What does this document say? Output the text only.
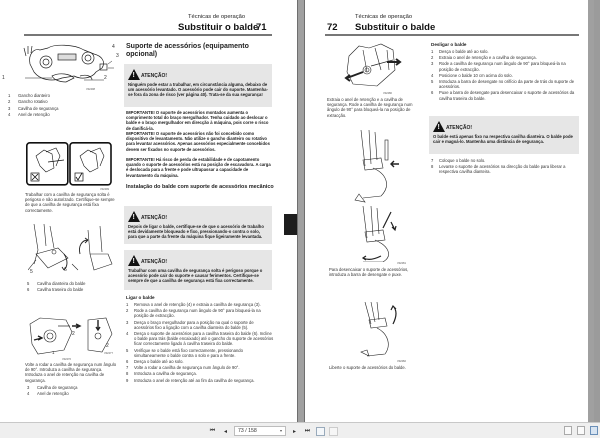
Técnicas de operação
Substituir o balde
71
1	2
3
4
V02498
1	Gancho dianteiro
2	Gancho rotativo
3	Cavilha de segurança
4	Anel de retenção
V02499
Trabalhar com a cavilha de segurança solta é perigoso e não autorizado. Certifique-se sempre de que a cavilha de segurança está fixa correctamente.
5	6
5	Cavilha dianteira do balde
6	Cavilha traseira do balde
2
1
2
V02276
V02277
Volte a rodar a cavilha de segurança num ângulo de 90°. Introduza a cavilha de segurança. Introduza o anel de retenção na cavilha de segurança.
3	Cavilha de segurança
4	Anel de retenção
Suporte de acessórios (equipamento opcional)
!
ATENÇÃO!
Ninguém pode estar a trabalhar, em circunstância alguma, debaixo de um acessório levantado. O acessório pode cair do suporte. Mantenha-se fora da zona de risco (ver página 40). Trata-se da sua segurança!
IMPORTANTE! O suporte de acessórios montados aumenta o comprimento total do braço mergulhador. Tenha cuidado ao deslocar o balde e o braço mergulhador em direcção à máquina, pois corre o risco de danificá-la.
IMPORTANTE! O suporte de acessórios não foi concebido como dispositivo de levantamento. Não utilize o gancho dianteiro ou rotativo para levantar acessórios. Apenas acessórios especialmente concebidos devem ser fixados no suporte de acessórios.
IMPORTANTE! Há risco de perda de estabilidade e de capotamento quando o suporte de acessórios está na posição de escavadora. A carga é deslocada para a frente e pode ultrapassar a capacidade de levantamento da máquina.
Instalação do balde com suporte de acessórios mecânico
!
ATENÇÃO!
Depois de ligar o balde, certifique-se de que o acessório de trabalho está devidamente bloqueado e fixo, pressionando-o contra o solo, para que a parte da frente da máquina fique ligeiramente levantada.
!
ATENÇÃO!
Trabalhar com uma cavilha de segurança solta é perigoso porque o acessório pode cair do suporte e causar ferimentos. Certifique-se sempre de que a cavilha de segurança está fixa correctamente.
Ligar o balde
1	Remova o anel de retenção (4) e extraia a cavilha de segurança (3).
2	Rode a cavilha de segurança num ângulo de 90° para bloqueá-la na posição de extracção.
3	Desça o braço mergulhador para a posição na qual o suporte de acessórios fixo a ligação com a cavilha dianteira do balde (5).
4	Desça o suporte de acessórios para a cavilha traseira do balde (6). Incline o balde para trás (balde encaixado) até o gancho do suporte de acessórios ficar correctamente ligado à cavilha traseira do balde.
5	Verifique se o balde está fixo correctamente, pressionando simultaneamente o balde contra o solo e para a frente.
6	Desça o balde até ao solo.
7	Volte a rodar a cavilha de segurança num ângulo de 90°.
8	Introduza a cavilha de segurança.
9	Introduza o anel de retenção até ao fim da cavilha de segurança.
Técnicas de operação
72 Substituir o balde
V02280
Extraia o anel de retenção e a cavilha de segurança. Rode a cavilha de segurança num ângulo de 90° para bloqueá-la na posição de extracção.
V02281
Para desencaixar o suporte de acessórios, introduza a barra de desengate e puxe.
V02282
Liberte o suporte de acessórios do balde.
Desligar o balde
1	Desça o balde até ao solo.
2	Extraia o anel de retenção e a cavilha de segurança.
3	Rode a cavilha de segurança num ângulo de 90° para bloqueá-la na posição de extracção.
4	Posicione o balde 10 cm acima do solo.
5	Introduza a barra de desengate no orifício da parte de trás do suporte de acessórios.
6	Puxe a barra de desengate para desencaixar o suporte de acessórios da cavilha traseira do balde.
!
ATENÇÃO!
O balde está apenas fixo na respectiva cavilha dianteira. O balde pode cair e magoá-lo. Mantenha uma distância de segurança.
7	Coloque o balde no solo.
8	Levante o suporte de acessórios na direcção do balde para liberar a respectiva cavilha dianteira.
⏮ ◂ 73 / 158	▾ ▸ ⏭
